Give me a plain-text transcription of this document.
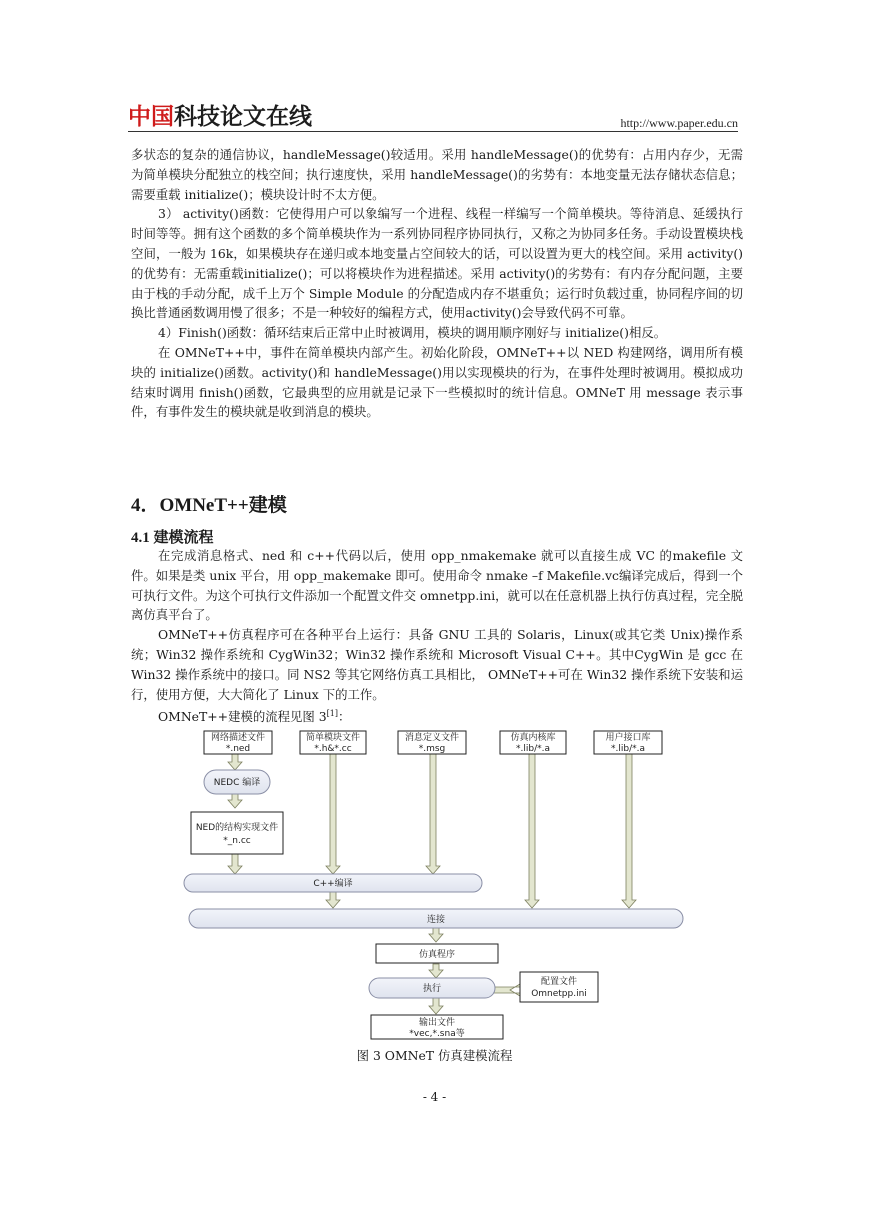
中国科技论文在线	http://www.paper.edu.cn

多状态的复杂的通信协议，handleMessage()较适用。采用 handleMessage()的优势有：占用内存少，无需为简单模块分配独立的栈空间；执行速度快，采用 handleMessage()的劣势有：本地变量无法存储状态信息；需要重载 initialize()；模块设计时不太方便。

3） activity()函数：它使得用户可以象编写一个进程、线程一样编写一个简单模块。等待消息、延缓执行时间等等。拥有这个函数的多个简单模块作为一系列协同程序协同执行，又称之为协同多任务。手动设置模块栈空间，一般为 16k，如果模块存在递归或本地变量占空间较大的话，可以设置为更大的栈空间。采用 activity()的优势有：无需重载initialize()；可以将模块作为进程描述。采用 activity()的劣势有：有内存分配问题，主要由于栈的手动分配，成千上万个 Simple Module 的分配造成内存不堪重负；运行时负载过重，协同程序间的切换比普通函数调用慢了很多；不是一种较好的编程方式，使用activity()会导致代码不可靠。

4）Finish()函数：循环结束后正常中止时被调用，模块的调用顺序刚好与 initialize()相反。

在 OMNeT++中，事件在简单模块内部产生。初始化阶段，OMNeT++以 NED 构建网络，调用所有模块的 initialize()函数。activity()和 handleMessage()用以实现模块的行为，在事件处理时被调用。模拟成功结束时调用 finish()函数，它最典型的应用就是记录下一些模拟时的统计信息。OMNeT 用 message 表示事件，有事件发生的模块就是收到消息的模块。

4．OMNeT++建模
4.1 建模流程

在完成消息格式、ned 和 c++代码以后，使用 opp_nmakemake 就可以直接生成 VC 的makefile 文件。如果是类 unix 平台，用 opp_makemake 即可。使用命令 nmake –f Makefile.vc编译完成后，得到一个可执行文件。为这个可执行文件添加一个配置文件交 omnetpp.ini，就可以在任意机器上执行仿真过程，完全脱离仿真平台了。

OMNeT++仿真程序可在各种平台上运行：具备 GNU 工具的 Solaris，Linux(或其它类 Unix)操作系统；Win32 操作系统和 CygWin32；Win32 操作系统和 Microsoft Visual C++。其中CygWin 是 gcc 在 Win32 操作系统中的接口。同 NS2 等其它网络仿真工具相比， OMNeT++可在 Win32 操作系统下安装和运行，使用方便，大大简化了 Linux 下的工作。

OMNeT++建模的流程见图 3[1]：

网络描述文件
*.ned
简单模块文件
*.h&*.cc
消息定义文件
*.msg
仿真内核库
*.lib/*.a
用户接口库
*.lib/*.a
NEDC 编译
NED的结构实现文件
*_n.cc
C++编译
连接
仿真程序
执行
配置文件
Omnetpp.ini
输出文件
*vec,*.sna等
图 3 OMNeT 仿真建模流程
- 4 -
